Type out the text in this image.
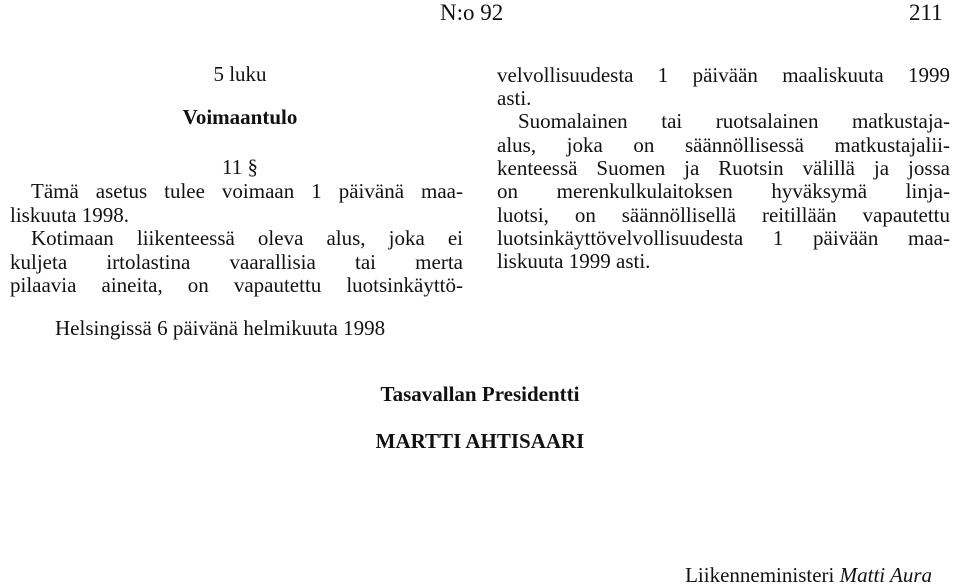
N:o 92	211
5 luku
Voimaantulo
11 §
Tämä asetus tulee voimaan 1 päivänä maa-
liskuuta 1998.
Kotimaan liikenteessä oleva alus, joka ei
kuljeta irtolastina vaarallisia tai merta
pilaavia aineita, on vapautettu luotsinkäyttö-
velvollisuudesta 1 päivään maaliskuuta 1999
asti.
Suomalainen tai ruotsalainen matkustaja-
alus, joka on säännöllisessä matkustajalii-
kenteessä Suomen ja Ruotsin välillä ja jossa
on merenkulkulaitoksen hyväksymä linja-
luotsi, on säännöllisellä reitillään vapautettu
luotsinkäyttövelvollisuudesta 1 päivään maa-
liskuuta 1999 asti.
Helsingissä 6 päivänä helmikuuta 1998
Tasavallan Presidentti
MARTTI AHTISAARI
Liikenneministeri Matti Aura
